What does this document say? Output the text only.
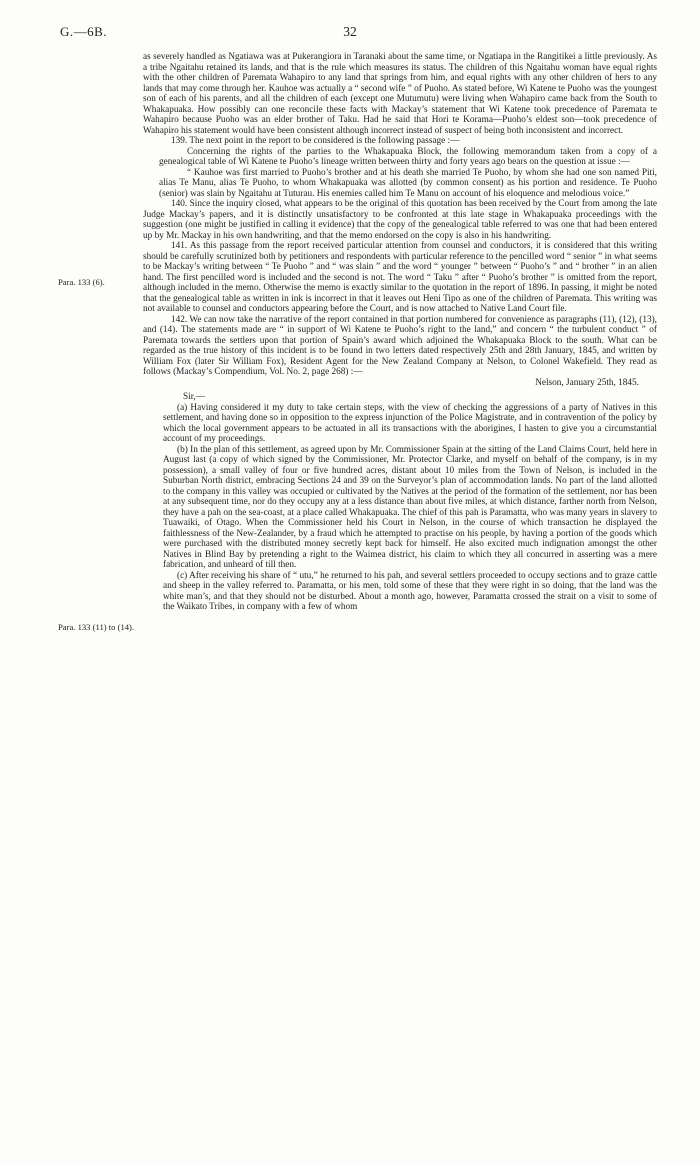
G.—6B.	32
Para. 133 (6).
Para. 133 (11) to (14).

as severely handled as Ngatiawa was at Pukerangiora in Taranaki about the same time, or Ngatiapa in the Rangitikei a little previously. As a tribe Ngaitahu retained its lands, and that is the rule which measures its status. The children of this Ngaitahu woman have equal rights with the other children of Paremata Wahapiro to any land that springs from him, and equal rights with any other children of hers to any lands that may come through her. Kauhoe was actually a “ second wife ” of Puoho. As stated before, Wi Katene te Puoho was the youngest son of each of his parents, and all the children of each (except one Mutumutu) were living when Wahapiro came back from the South to Whakapuaka. How possibly can one reconcile these facts with Mackay’s statement that Wi Katene took precedence of Paremata te Wahapiro because Puoho was an elder brother of Taku. Had he said that Hori te Korama—Puoho’s eldest son—took precedence of Wahapiro his statement would have been consistent although incorrect instead of suspect of being both inconsistent and incorrect.

139. The next point in the report to be considered is the following passage :—

Concerning the rights of the parties to the Whakapuaka Block, the following memorandum taken from a copy of a genealogical table of Wi Katene te Puoho’s lineage written between thirty and forty years ago bears on the question at issue :—

“ Kauhoe was first married to Puoho’s brother and at his death she married Te Puoho, by whom she had one son named Piti, alias Te Manu, alias Te Puoho, to whom Whakapuaka was allotted (by common consent) as his portion and residence. Te Puoho (senior) was slain by Ngaitahu at Tuturau. His enemies called him Te Manu on account of his eloquence and melodious voice.”

140. Since the inquiry closed, what appears to be the original of this quotation has been received by the Court from among the late Judge Mackay’s papers, and it is distinctly unsatisfactory to be confronted at this late stage in Whakapuaka proceedings with the suggestion (one might be justified in calling it evidence) that the copy of the genealogical table referred to was one that had been entered up by Mr. Mackay in his own handwriting, and that the memo endorsed on the copy is also in his handwriting.

141. As this passage from the report received particular attention from counsel and conductors, it is considered that this writing should be carefully scrutinized both by petitioners and respondents with particular reference to the pencilled word “ senior ” in what seems to be Mackay’s writing between “ Te Puoho ” and “ was slain ” and the word “ younger ” between “ Puoho’s ” and “ brother ” in an alien hand. The first pencilled word is included and the second is not. The word “ Taku ” after “ Puoho’s brother ” is omitted from the report, although included in the memo. Otherwise the memo is exactly similar to the quotation in the report of 1896. In passing, it might be noted that the genealogical table as written in ink is incorrect in that it leaves out Heni Tipo as one of the children of Paremata. This writing was not available to counsel and conductors appearing before the Court, and is now attached to Native Land Court file.

142. We can now take the narrative of the report contained in that portion numbered for convenience as paragraphs (11), (12), (13), and (14). The statements made are “ in support of Wi Katene te Puoho’s right to the land,” and concern “ the turbulent conduct ” of Paremata towards the settlers upon that portion of Spain’s award which adjoined the Whakapuaka Block to the south. What can be regarded as the true history of this incident is to be found in two letters dated respectively 25th and 28th January, 1845, and written by William Fox (later Sir William Fox), Resident Agent for the New Zealand Company at Nelson, to Colonel Wakefield. They read as follows (Mackay’s Compendium, Vol. No. 2, page 268) :—

Nelson, January 25th, 1845.

Sir,—

(a) Having considered it my duty to take certain steps, with the view of checking the aggressions of a party of Natives in this settlement, and having done so in opposition to the express injunction of the Police Magistrate, and in contravention of the policy by which the local government appears to be actuated in all its transactions with the aborigines, I hasten to give you a circumstantial account of my proceedings.

(b) In the plan of this settlement, as agreed upon by Mr. Commissioner Spain at the sitting of the Land Claims Court, held here in August last (a copy of which signed by the Commissioner, Mr. Protector Clarke, and myself on behalf of the company, is in my possession), a small valley of four or five hundred acres, distant about 10 miles from the Town of Nelson, is included in the Suburban North district, embracing Sections 24 and 39 on the Surveyor’s plan of accommodation lands. No part of the land allotted to the company in this valley was occupied or cultivated by the Natives at the period of the formation of the settlement, nor has been at any subsequent time, nor do they occupy any at a less distance than about five miles, at which distance, farther north from Nelson, they have a pah on the sea-coast, at a place called Whakapuaka. The chief of this pah is Paramatta, who was many years in slavery to Tuawaiki, of Otago. When the Commissioner held his Court in Nelson, in the course of which transaction he displayed the faithlessness of the New-Zealander, by a fraud which he attempted to practise on his people, by having a portion of the goods which were purchased with the distributed money secretly kept back for himself. He also excited much indignation amongst the other Natives in Blind Bay by pretending a right to the Waimea district, his claim to which they all concurred in asserting was a mere fabrication, and unheard of till then.

(c) After receiving his share of “ utu,” he returned to his pah, and several settlers proceeded to occupy sections and to graze cattle and sheep in the valley referred to. Paramatta, or his men, told some of these that they were right in so doing, that the land was the white man’s, and that they should not be disturbed. About a month ago, however, Paramatta crossed the strait on a visit to some of the Waikato Tribes, in company with a few of whom
